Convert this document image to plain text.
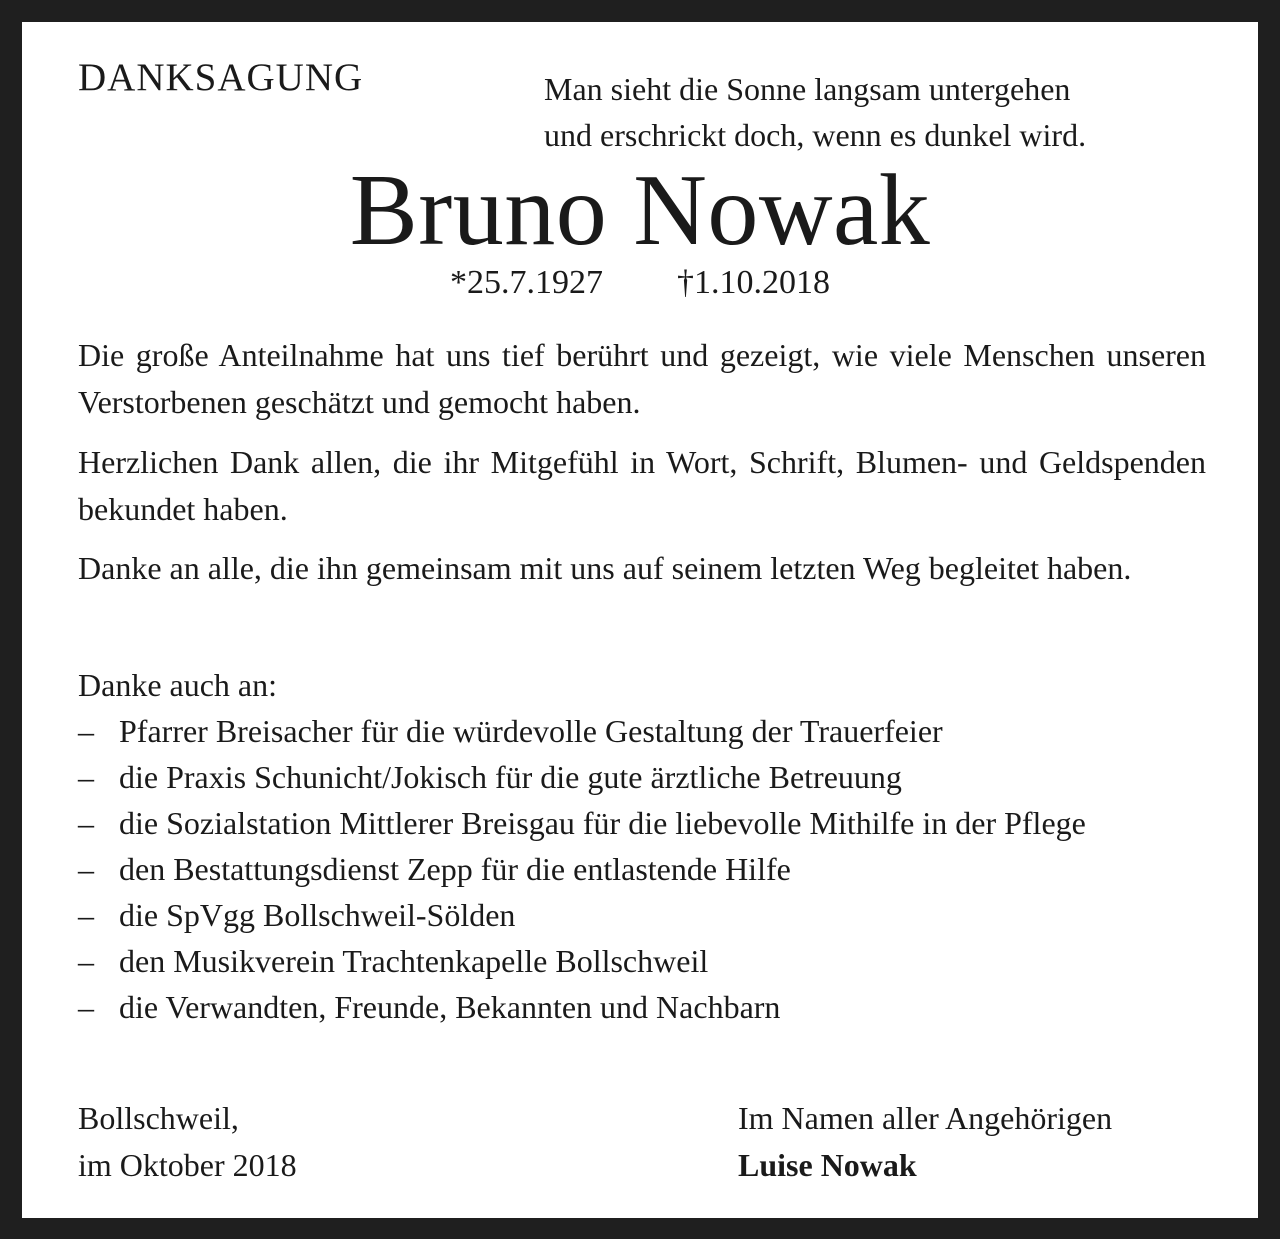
DANKSAGUNG	Man sieht die Sonne langsam untergehen
und erschrickt doch, wenn es dunkel wird.
Bruno Nowak
*25.7.1927 †1.10.2018

Die große Anteilnahme hat uns tief berührt und gezeigt, wie viele Menschen unseren Verstorbenen geschätzt und gemocht haben.

Herzlichen Dank allen, die ihr Mitgefühl in Wort, Schrift, Blumen- und Geldspenden bekundet haben.

Danke an alle, die ihn gemeinsam mit uns auf seinem letzten Weg begleitet haben.

Danke auch an:
– Pfarrer Breisacher für die würdevolle Gestaltung der Trauerfeier
– die Praxis Schunicht/Jokisch für die gute ärztliche Betreuung
– die Sozialstation Mittlerer Breisgau für die liebevolle Mithilfe in der Pflege
– den Bestattungsdienst Zepp für die entlastende Hilfe
– die SpVgg Bollschweil-Sölden
– den Musikverein Trachtenkapelle Bollschweil
– die Verwandten, Freunde, Bekannten und Nachbarn
Bollschweil,
im Oktober 2018
Im Namen aller Angehörigen
Luise Nowak
